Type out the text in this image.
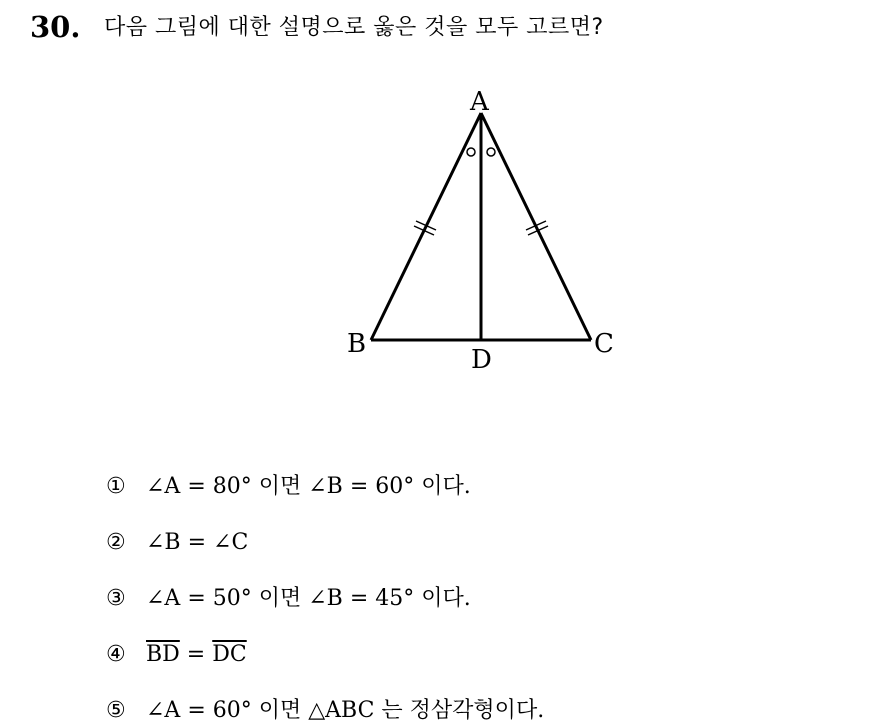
30. 다음 그림에 대한 설명으로 옳은 것을 모두 고르면?
A
B	C
D
① ∠A = 80° 이면 ∠B = 60° 이다.
② ∠B = ∠C
③ ∠A = 50° 이면 ∠B = 45° 이다.
④ $\overline{BD} = \overline{DC}$
⑤ ∠A = 60° 이면 △ABC 는 정삼각형이다.
